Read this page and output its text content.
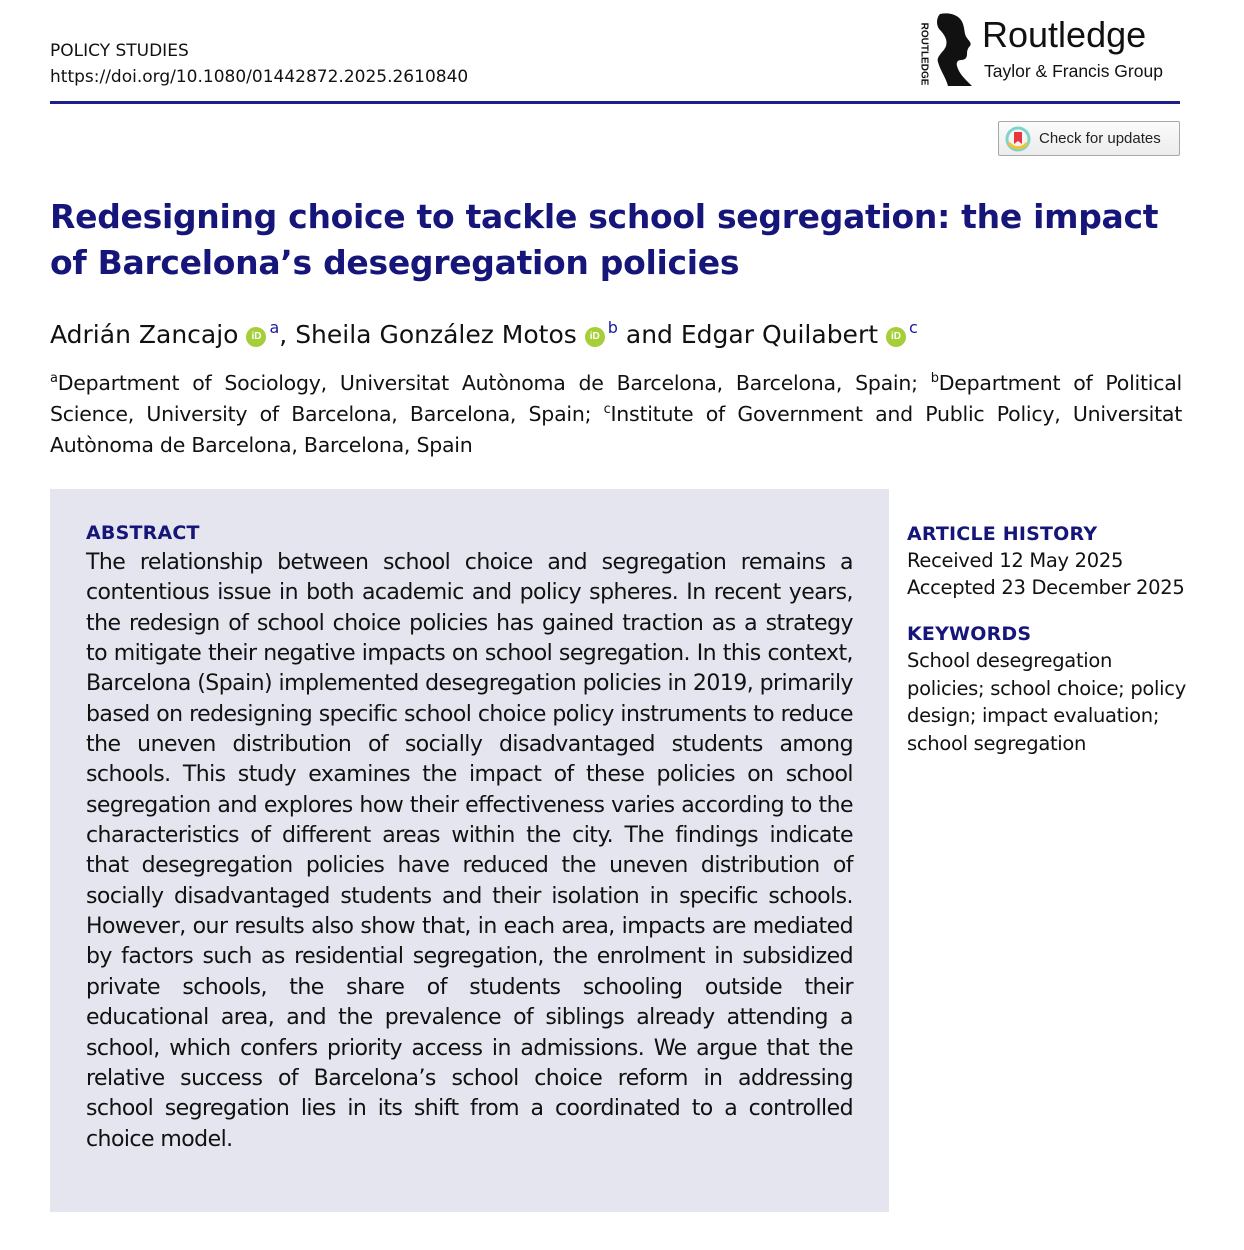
POLICY STUDIES
https://doi.org/10.1080/01442872.2025.2610840	ROUTLEDGE Routledge
Taylor & Francis Group
Check for updates
Redesigning choice to tackle school segregation: the impact
of Barcelona’s desegregation policies
Adrián Zancajo iD $^a$, Sheila González Motos iD $^b$ and Edgar Quilabert iD $^c$
$^a$Department of Sociology, Universitat Autònoma de Barcelona, Barcelona, Spain; $^b$Department of Political Science, University of Barcelona, Barcelona, Spain; $^c$Institute of Government and Public Policy, Universitat Autònoma de Barcelona, Barcelona, Spain
ABSTRACT

The relationship between school choice and segregation remains a contentious issue in both academic and policy spheres. In recent years, the redesign of school choice policies has gained traction as a strategy to mitigate their negative impacts on school segregation. In this context, Barcelona (Spain) implemented desegregation policies in 2019, primarily based on redesigning specific school choice policy instruments to reduce the uneven distribution of socially disadvantaged students among schools. This study examines the impact of these policies on school segregation and explores how their effectiveness varies according to the characteristics of different areas within the city. The findings indicate that desegregation policies have reduced the uneven distribution of socially disadvantaged students and their isolation in specific schools. However, our results also show that, in each area, impacts are mediated by factors such as residential segregation, the enrolment in subsidized private schools, the share of students schooling outside their educational area, and the prevalence of siblings already attending a school, which confers priority access in admissions. We argue that the relative success of Barcelona’s school choice reform in addressing school segregation lies in its shift from a coordinated to a controlled choice model.

ARTICLE HISTORY
Received 12 May 2025
Accepted 23 December 2025
KEYWORDS
School desegregation policies; school choice; policy design; impact evaluation; school segregation
